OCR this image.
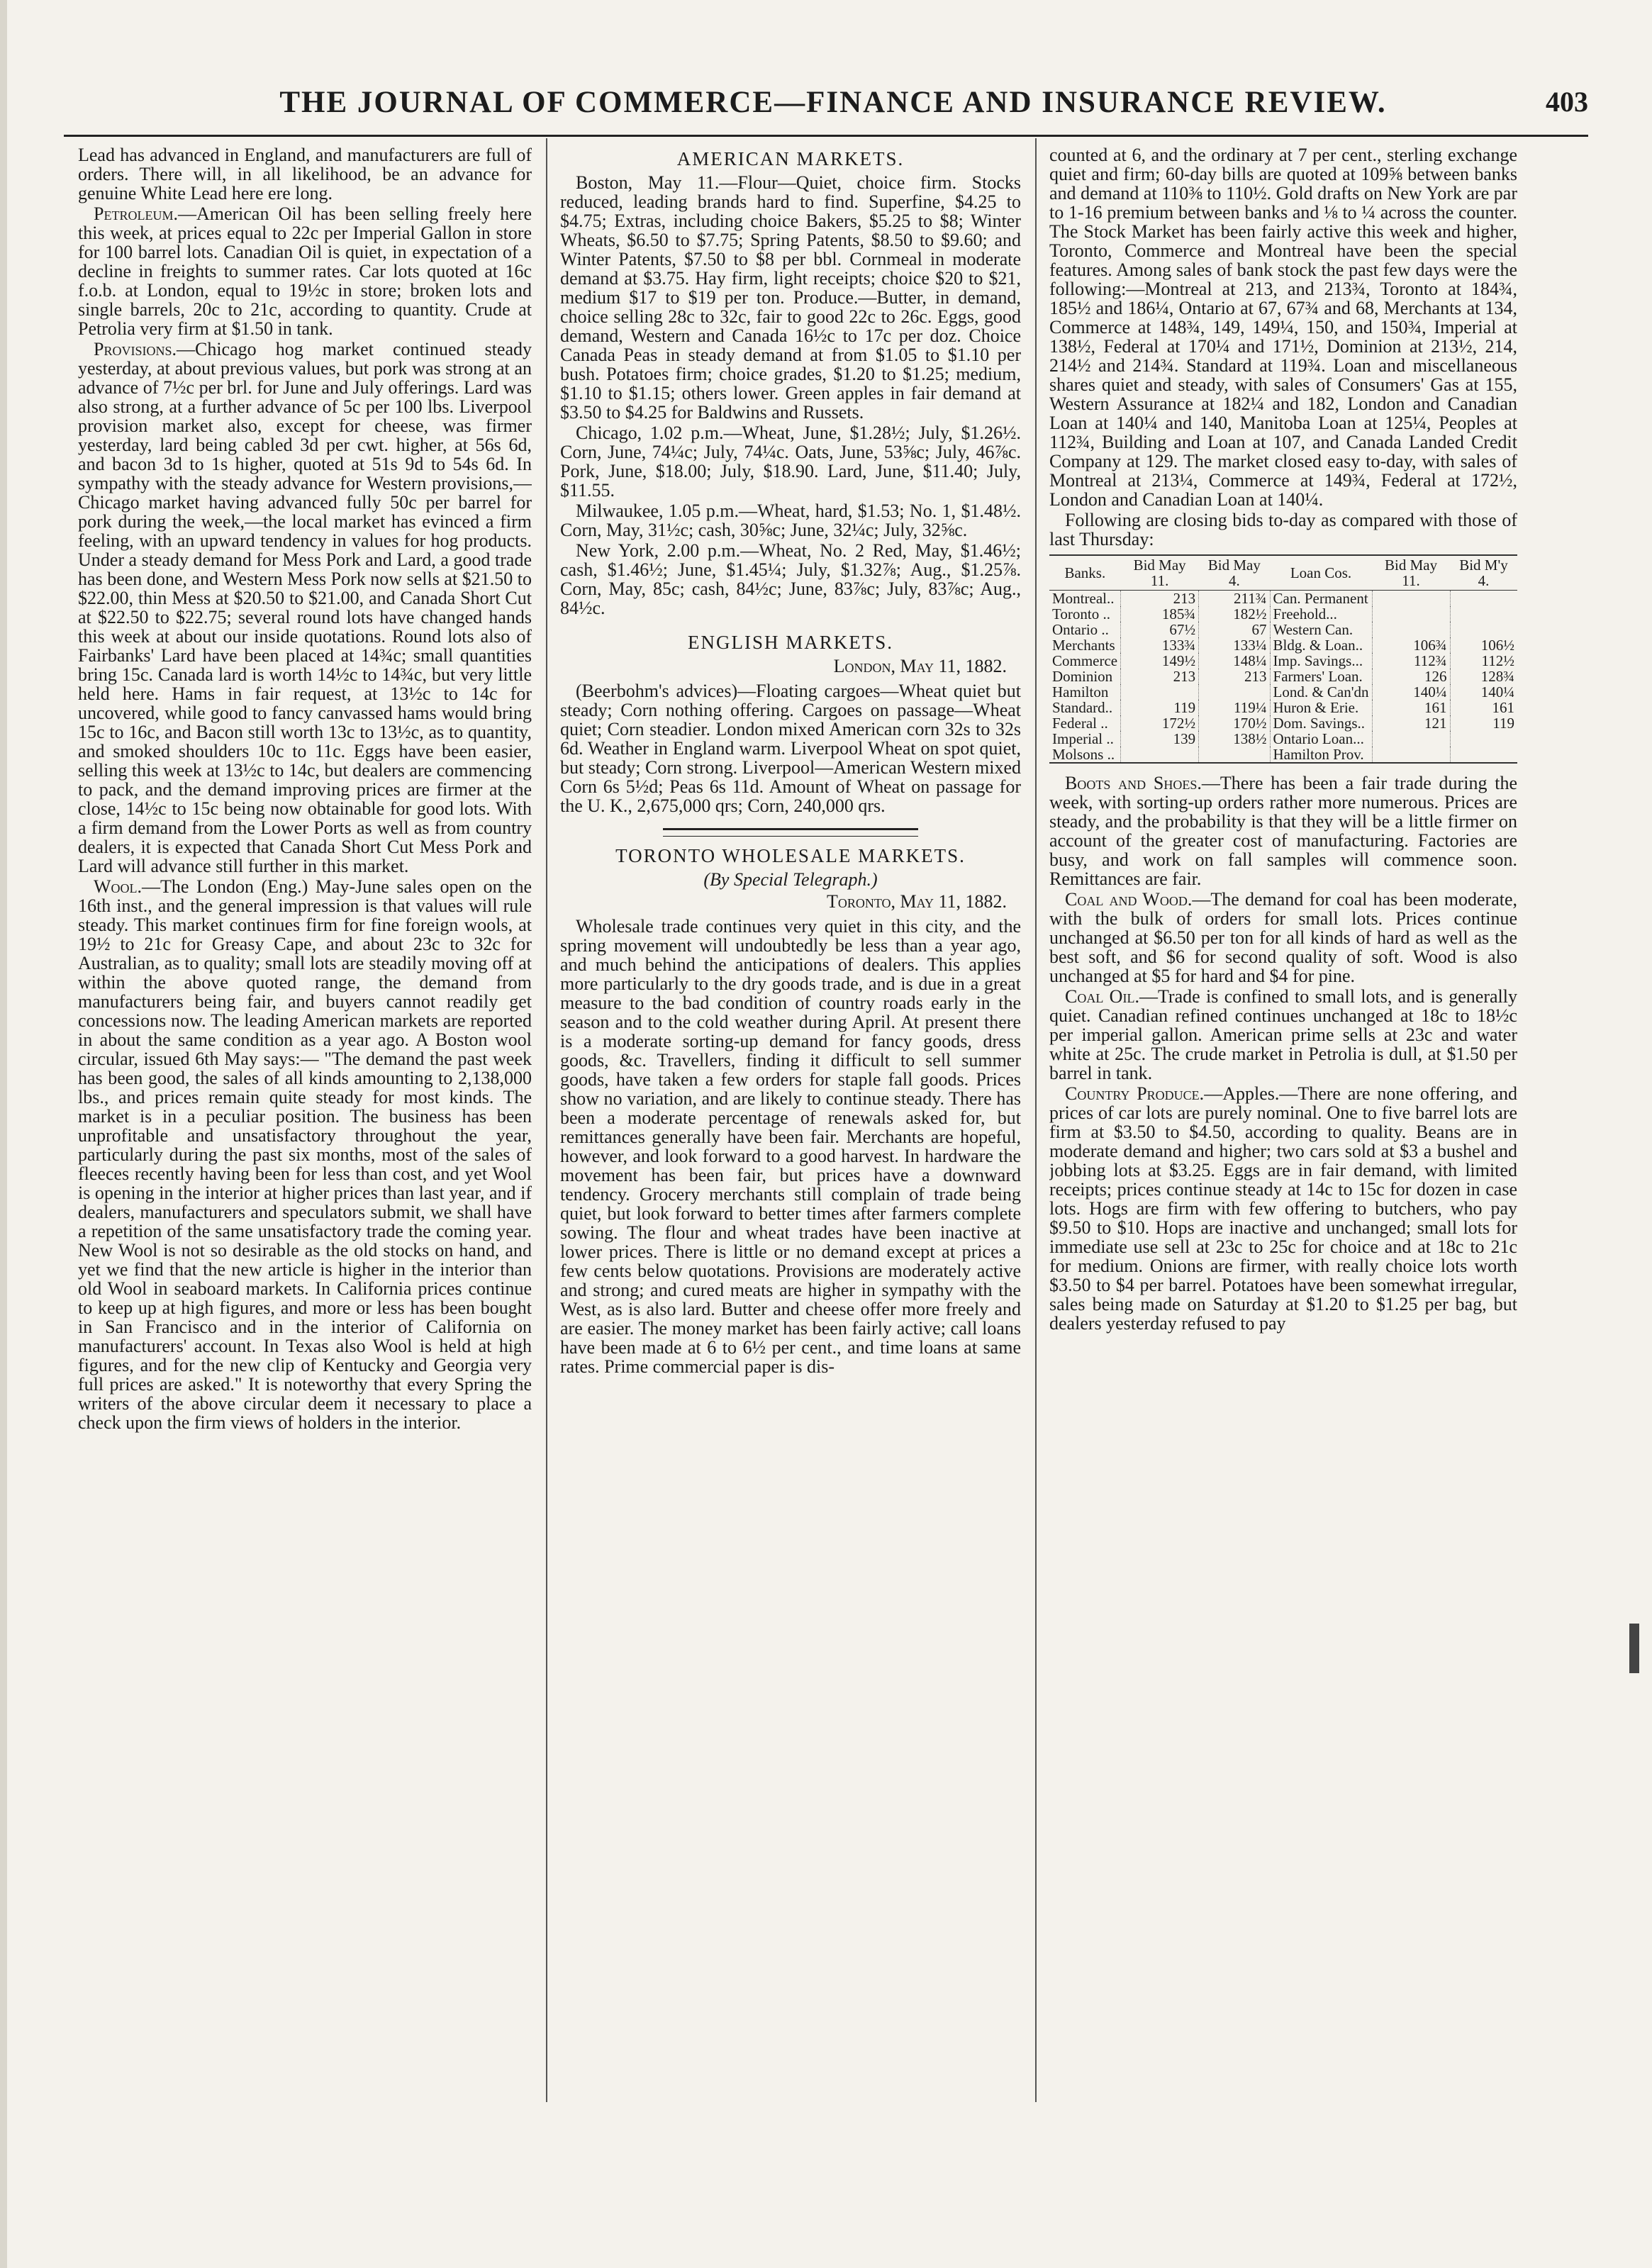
THE JOURNAL OF COMMERCE—FINANCE AND INSURANCE REVIEW.	403

Lead has advanced in England, and manufacturers are full of orders. There will, in all likelihood, be an advance for genuine White Lead here ere long.

Petroleum.—American Oil has been selling freely here this week, at prices equal to 22c per Imperial Gallon in store for 100 barrel lots. Canadian Oil is quiet, in expectation of a decline in freights to summer rates. Car lots quoted at 16c f.o.b. at London, equal to 19½c in store; broken lots and single barrels, 20c to 21c, according to quantity. Crude at Petrolia very firm at $1.50 in tank.

Provisions.—Chicago hog market continued steady yesterday, at about previous values, but pork was strong at an advance of 7½c per brl. for June and July offerings. Lard was also strong, at a further advance of 5c per 100 lbs. Liverpool provision market also, except for cheese, was firmer yesterday, lard being cabled 3d per cwt. higher, at 56s 6d, and bacon 3d to 1s higher, quoted at 51s 9d to 54s 6d. In sympathy with the steady advance for Western provisions,—Chicago market having advanced fully 50c per barrel for pork during the week,—the local market has evinced a firm feeling, with an upward tendency in values for hog products. Under a steady demand for Mess Pork and Lard, a good trade has been done, and Western Mess Pork now sells at $21.50 to $22.00, thin Mess at $20.50 to $21.00, and Canada Short Cut at $22.50 to $22.75; several round lots have changed hands this week at about our inside quotations. Round lots also of Fairbanks' Lard have been placed at 14¾c; small quantities bring 15c. Canada lard is worth 14½c to 14¾c, but very little held here. Hams in fair request, at 13½c to 14c for uncovered, while good to fancy canvassed hams would bring 15c to 16c, and Bacon still worth 13c to 13½c, as to quantity, and smoked shoulders 10c to 11c. Eggs have been easier, selling this week at 13½c to 14c, but dealers are commencing to pack, and the demand improving prices are firmer at the close, 14½c to 15c being now obtainable for good lots. With a firm demand from the Lower Ports as well as from country dealers, it is expected that Canada Short Cut Mess Pork and Lard will advance still further in this market.

Wool.—The London (Eng.) May-June sales open on the 16th inst., and the general impression is that values will rule steady. This market continues firm for fine foreign wools, at 19½ to 21c for Greasy Cape, and about 23c to 32c for Australian, as to quality; small lots are steadily moving off at within the above quoted range, the demand from manufacturers being fair, and buyers cannot readily get concessions now. The leading American markets are reported in about the same condition as a year ago. A Boston wool circular, issued 6th May says:— "The demand the past week has been good, the sales of all kinds amounting to 2,138,000 lbs., and prices remain quite steady for most kinds. The market is in a peculiar position. The business has been unprofitable and unsatisfactory throughout the year, particularly during the past six months, most of the sales of fleeces recently having been for less than cost, and yet Wool is opening in the interior at higher prices than last year, and if dealers, manufacturers and speculators submit, we shall have a repetition of the same unsatisfactory trade the coming year. New Wool is not so desirable as the old stocks on hand, and yet we find that the new article is higher in the interior than old Wool in seaboard markets. In California prices continue to keep up at high figures, and more or less has been bought in San Francisco and in the interior of California on manufacturers' account. In Texas also Wool is held at high figures, and for the new clip of Kentucky and Georgia very full prices are asked." It is noteworthy that every Spring the writers of the above circular deem it necessary to place a check upon the firm views of holders in the interior.

AMERICAN MARKETS.

Boston, May 11.—Flour—Quiet, choice firm. Stocks reduced, leading brands hard to find. Superfine, $4.25 to $4.75; Extras, including choice Bakers, $5.25 to $8; Winter Wheats, $6.50 to $7.75; Spring Patents, $8.50 to $9.60; and Winter Patents, $7.50 to $8 per bbl. Cornmeal in moderate demand at $3.75. Hay firm, light receipts; choice $20 to $21, medium $17 to $19 per ton. Produce.—Butter, in demand, choice selling 28c to 32c, fair to good 22c to 26c. Eggs, good demand, Western and Canada 16½c to 17c per doz. Choice Canada Peas in steady demand at from $1.05 to $1.10 per bush. Potatoes firm; choice grades, $1.20 to $1.25; medium, $1.10 to $1.15; others lower. Green apples in fair demand at $3.50 to $4.25 for Baldwins and Russets.

Chicago, 1.02 p.m.—Wheat, June, $1.28½; July, $1.26½. Corn, June, 74¼c; July, 74¼c. Oats, June, 53⅝c; July, 46⅞c. Pork, June, $18.00; July, $18.90. Lard, June, $11.40; July, $11.55.

Milwaukee, 1.05 p.m.—Wheat, hard, $1.53; No. 1, $1.48½. Corn, May, 31½c; cash, 30⅝c; June, 32¼c; July, 32⅝c.

New York, 2.00 p.m.—Wheat, No. 2 Red, May, $1.46½; cash, $1.46½; June, $1.45¼; July, $1.32⅞; Aug., $1.25⅞. Corn, May, 85c; cash, 84½c; June, 83⅞c; July, 83⅞c; Aug., 84½c.

ENGLISH MARKETS.
London, May 11, 1882.

(Beerbohm's advices)—Floating cargoes—Wheat quiet but steady; Corn nothing offering. Cargoes on passage—Wheat quiet; Corn steadier. London mixed American corn 32s to 32s 6d. Weather in England warm. Liverpool Wheat on spot quiet, but steady; Corn strong. Liverpool—American Western mixed Corn 6s 5½d; Peas 6s 11d. Amount of Wheat on passage for the U. K., 2,675,000 qrs; Corn, 240,000 qrs.

TORONTO WHOLESALE MARKETS.
(By Special Telegraph.)
Toronto, May 11, 1882.

Wholesale trade continues very quiet in this city, and the spring movement will undoubtedly be less than a year ago, and much behind the anticipations of dealers. This applies more particularly to the dry goods trade, and is due in a great measure to the bad condition of country roads early in the season and to the cold weather during April. At present there is a moderate sorting-up demand for fancy goods, dress goods, &c. Travellers, finding it difficult to sell summer goods, have taken a few orders for staple fall goods. Prices show no variation, and are likely to continue steady. There has been a moderate percentage of renewals asked for, but remittances generally have been fair. Merchants are hopeful, however, and look forward to a good harvest. In hardware the movement has been fair, but prices have a downward tendency. Grocery merchants still complain of trade being quiet, but look forward to better times after farmers complete sowing. The flour and wheat trades have been inactive at lower prices. There is little or no demand except at prices a few cents below quotations. Provisions are moderately active and strong; and cured meats are higher in sympathy with the West, as is also lard. Butter and cheese offer more freely and are easier. The money market has been fairly active; call loans have been made at 6 to 6½ per cent., and time loans at same rates. Prime commercial paper is dis-

counted at 6, and the ordinary at 7 per cent., sterling exchange quiet and firm; 60-day bills are quoted at 109⅝ between banks and demand at 110⅜ to 110½. Gold drafts on New York are par to 1-16 premium between banks and ⅛ to ¼ across the counter. The Stock Market has been fairly active this week and higher, Toronto, Commerce and Montreal have been the special features. Among sales of bank stock the past few days were the following:—Montreal at 213, and 213¾, Toronto at 184¾, 185½ and 186¼, Ontario at 67, 67¾ and 68, Merchants at 134, Commerce at 148¾, 149, 149¼, 150, and 150¾, Imperial at 138½, Federal at 170¼ and 171½, Dominion at 213½, 214, 214½ and 214¾. Standard at 119¾. Loan and miscellaneous shares quiet and steady, with sales of Consumers' Gas at 155, Western Assurance at 182¼ and 182, London and Canadian Loan at 140¼ and 140, Manitoba Loan at 125¼, Peoples at 112¾, Building and Loan at 107, and Canada Landed Credit Company at 129. The market closed easy to-day, with sales of Montreal at 213¼, Commerce at 149¾, Federal at 172½, London and Canadian Loan at 140¼.

Following are closing bids to-day as compared with those of last Thursday:

Banks.	Bid May 11.	Bid May 4.	Loan Cos.	Bid May 11.	Bid M'y 4.
Montreal..	213	211¾	Can. Permanent		
Toronto ..	185¾	182½	Freehold...		
Ontario ..	67½	67	Western Can.		
Merchants	133¾	133¼	Bldg. & Loan..	106¾	106½
Commerce	149½	148¼	Imp. Savings...	112¾	112½
Dominion	213	213	Farmers' Loan.	126	128¾
Hamilton			Lond. & Can'dn	140¼	140¼
Standard..	119	119¼	Huron & Erie.	161	161
Federal ..	172½	170½	Dom. Savings..	121	119
Imperial ..	139	138½	Ontario Loan...		
Molsons ..			Hamilton Prov.		

Boots and Shoes.—There has been a fair trade during the week, with sorting-up orders rather more numerous. Prices are steady, and the probability is that they will be a little firmer on account of the greater cost of manufacturing. Factories are busy, and work on fall samples will commence soon. Remittances are fair.

Coal and Wood.—The demand for coal has been moderate, with the bulk of orders for small lots. Prices continue unchanged at $6.50 per ton for all kinds of hard as well as the best soft, and $6 for second quality of soft. Wood is also unchanged at $5 for hard and $4 for pine.

Coal Oil.—Trade is confined to small lots, and is generally quiet. Canadian refined continues unchanged at 18c to 18½c per imperial gallon. American prime sells at 23c and water white at 25c. The crude market in Petrolia is dull, at $1.50 per barrel in tank.

Country Produce.—Apples.—There are none offering, and prices of car lots are purely nominal. One to five barrel lots are firm at $3.50 to $4.50, according to quality. Beans are in moderate demand and higher; two cars sold at $3 a bushel and jobbing lots at $3.25. Eggs are in fair demand, with limited receipts; prices continue steady at 14c to 15c for dozen in case lots. Hogs are firm with few offering to butchers, who pay $9.50 to $10. Hops are inactive and unchanged; small lots for immediate use sell at 23c to 25c for choice and at 18c to 21c for medium. Onions are firmer, with really choice lots worth $3.50 to $4 per barrel. Potatoes have been somewhat irregular, sales being made on Saturday at $1.20 to $1.25 per bag, but dealers yesterday refused to pay
